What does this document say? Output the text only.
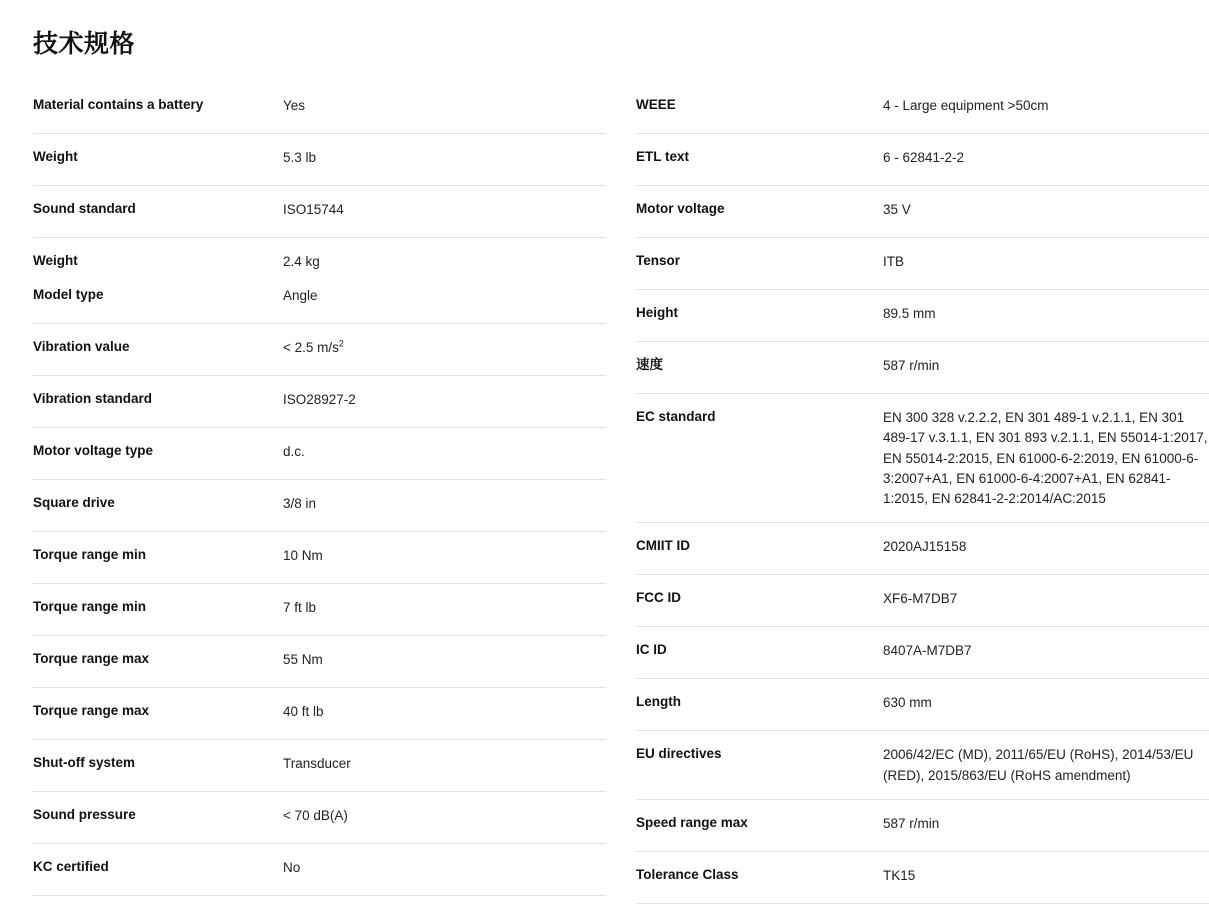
技术规格
Material contains a battery	Yes
Weight	5.3 lb
Sound standard	ISO15744
Weight	2.4 kg
Model type	Angle
Vibration value	< 2.5 $m/s^2$
Vibration standard	ISO28927-2
Motor voltage type	d.c.
Square drive	3/8 in
Torque range min	10 Nm
Torque range min	7 ft lb
Torque range max	55 Nm
Torque range max	40 ft lb
Shut-off system	Transducer
Sound pressure	< 70 dB(A)
KC certified	No
WEEE	4 - Large equipment >50cm
ETL text	6 - 62841-2-2
Motor voltage	35 V
Tensor	ITB
Height	89.5 mm
速度	587 r/min
EC standard	EN 300 328 v.2.2.2, EN 301 489-1 v.2.1.1, EN 301 489-17 v.3.1.1, EN 301 893 v.2.1.1, EN 55014-1:2017, EN 55014-2:2015, EN 61000-6-2:2019, EN 61000-6-3:2007+A1, EN 61000-6-4:2007+A1, EN 62841-1:2015, EN 62841-2-2:2014/AC:2015
CMIIT ID	2020AJ15158
FCC ID	XF6-M7DB7
IC ID	8407A-M7DB7
Length	630 mm
EU directives	2006/42/EC (MD), 2011/65/EU (RoHS), 2014/53/EU (RED), 2015/863/EU (RoHS amendment)
Speed range max	587 r/min
Tolerance Class	TK15
